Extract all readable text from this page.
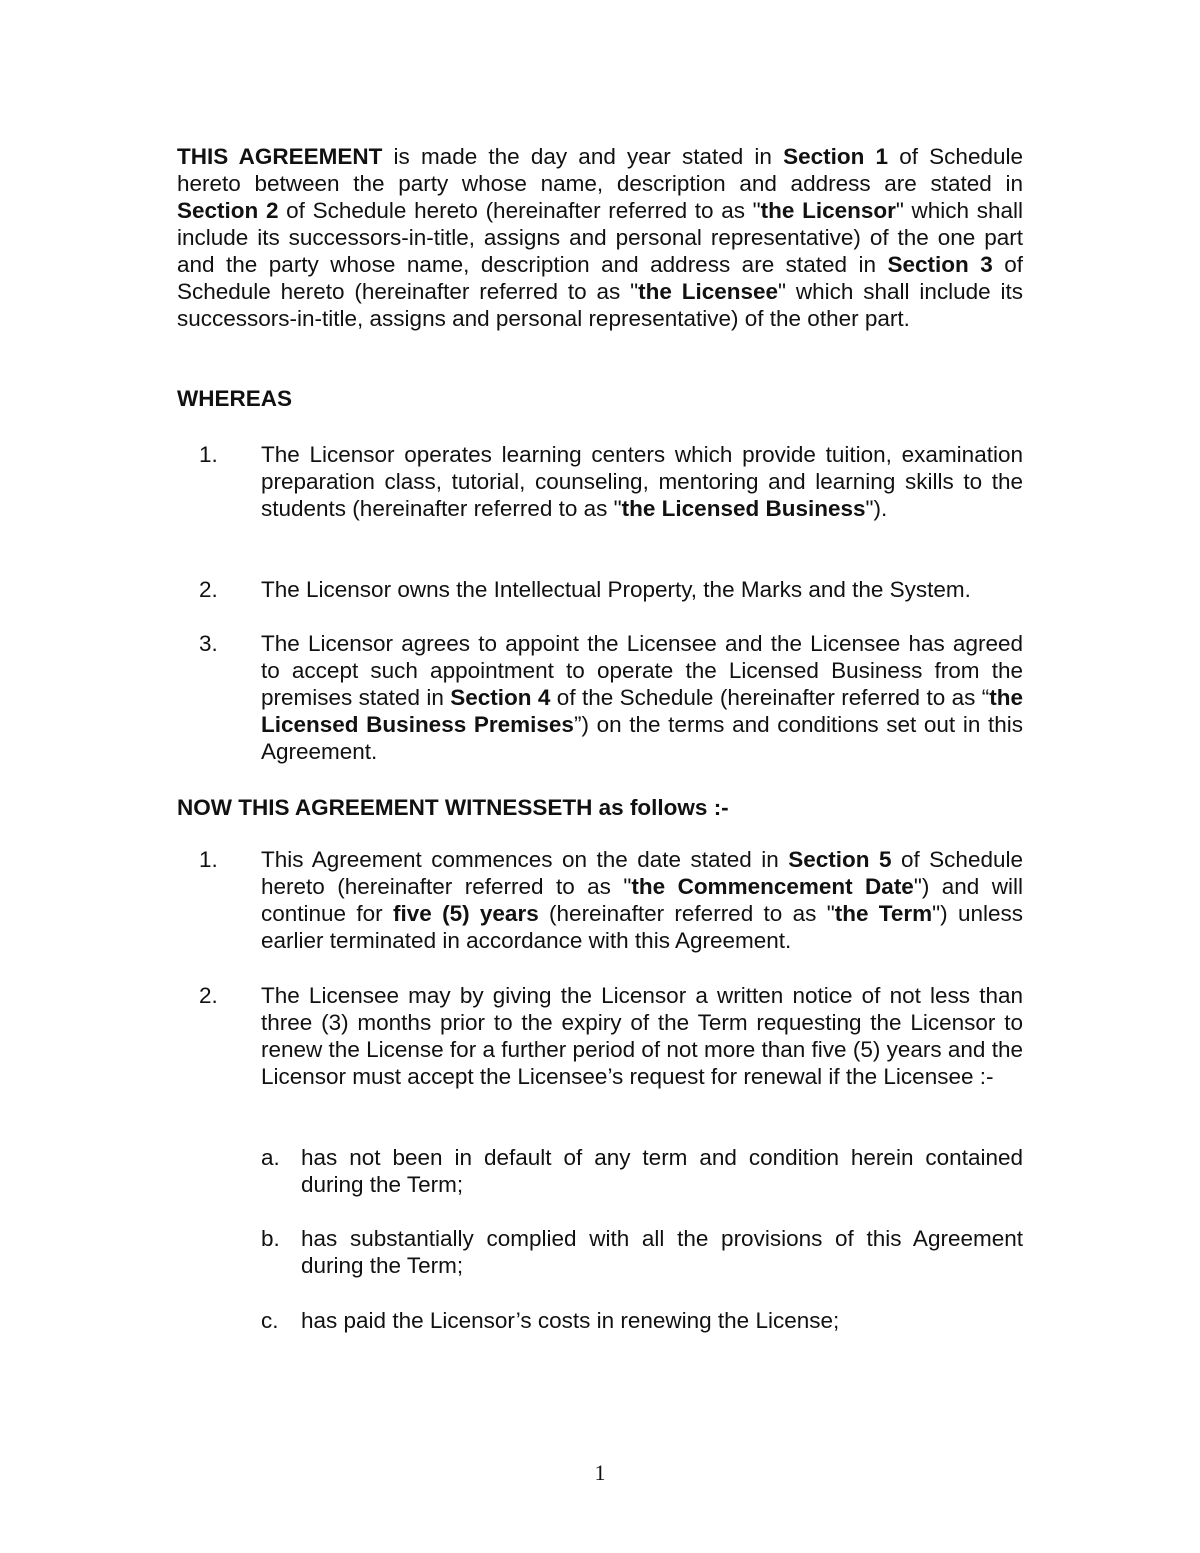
THIS AGREEMENT is made the day and year stated in Section 1 of Schedule hereto between the party whose name, description and address are stated in Section 2 of Schedule hereto (hereinafter referred to as "the Licensor" which shall include its successors-in-title, assigns and personal representative) of the one part and the party whose name, description and address are stated in Section 3 of Schedule hereto (hereinafter referred to as "the Licensee" which shall include its successors-in-title, assigns and personal representative) of the other part.

WHEREAS
1. The Licensor operates learning centers which provide tuition, examination preparation class, tutorial, counseling, mentoring and learning skills to the students (hereinafter referred to as "the Licensed Business").

2. The Licensor owns the Intellectual Property, the Marks and the System.

3. The Licensor agrees to appoint the Licensee and the Licensee has agreed to accept such appointment to operate the Licensed Business from the premises stated in Section 4 of the Schedule (hereinafter referred to as “the Licensed Business Premises”) on the terms and conditions set out in this Agreement.

NOW THIS AGREEMENT WITNESSETH as follows :-
1. This Agreement commences on the date stated in Section 5 of Schedule hereto (hereinafter referred to as "the Commencement Date") and will continue for five (5) years (hereinafter referred to as "the Term") unless earlier terminated in accordance with this Agreement.

2. The Licensee may by giving the Licensor a written notice of not less than three (3) months prior to the expiry of the Term requesting the Licensor to renew the License for a further period of not more than five (5) years and the Licensor must accept the Licensee’s request for renewal if the Licensee :-

a. has not been in default of any term and condition herein contained during the Term;

b. has substantially complied with all the provisions of this Agreement during the Term;

c. has paid the Licensor’s costs in renewing the License;

1
